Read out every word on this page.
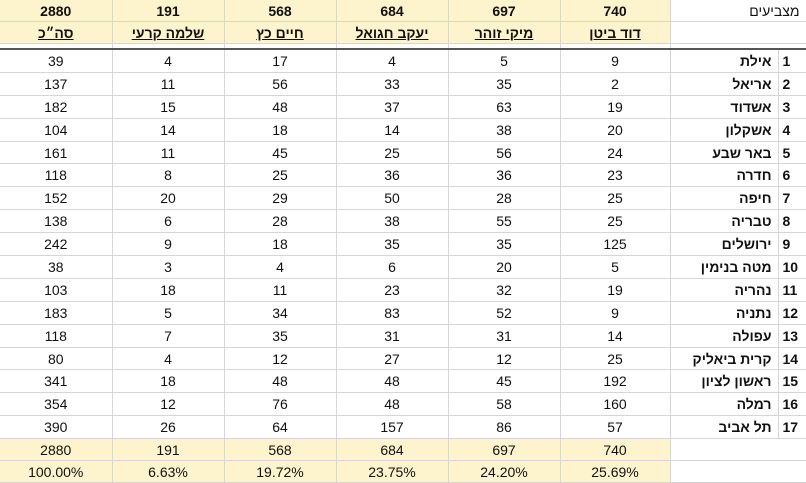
2880	191	568	684	697	740	מצביעים	
סה״כ	שלמה קרעי	חיים כץ	יעקב חגואל	מיקי זוהר	דוד ביטן		

39	4	17	4	5	9	אילת	1
137	11	56	33	35	2	אריאל	2
182	15	48	37	63	19	אשדוד	3
104	14	18	14	38	20	אשקלון	4
161	11	45	25	56	24	באר שבע	5
118	8	25	36	36	23	חדרה	6
152	20	29	50	28	25	חיפה	7
138	6	28	38	55	25	טבריה	8
242	9	18	35	35	125	ירושלים	9
38	3	4	6	20	5	מטה בנימין	10
103	18	11	23	32	19	נהריה	11
183	5	34	83	52	9	נתניה	12
118	7	35	31	31	14	עפולה	13
80	4	12	27	12	25	קרית ביאליק	14
341	18	48	48	45	192	ראשון לציון	15
354	12	76	48	58	160	רמלה	16
390	26	64	157	86	57	תל אביב	17
2880	191	568	684	697	740		
100.00%	6.63%	19.72%	23.75%	24.20%	25.69%		
